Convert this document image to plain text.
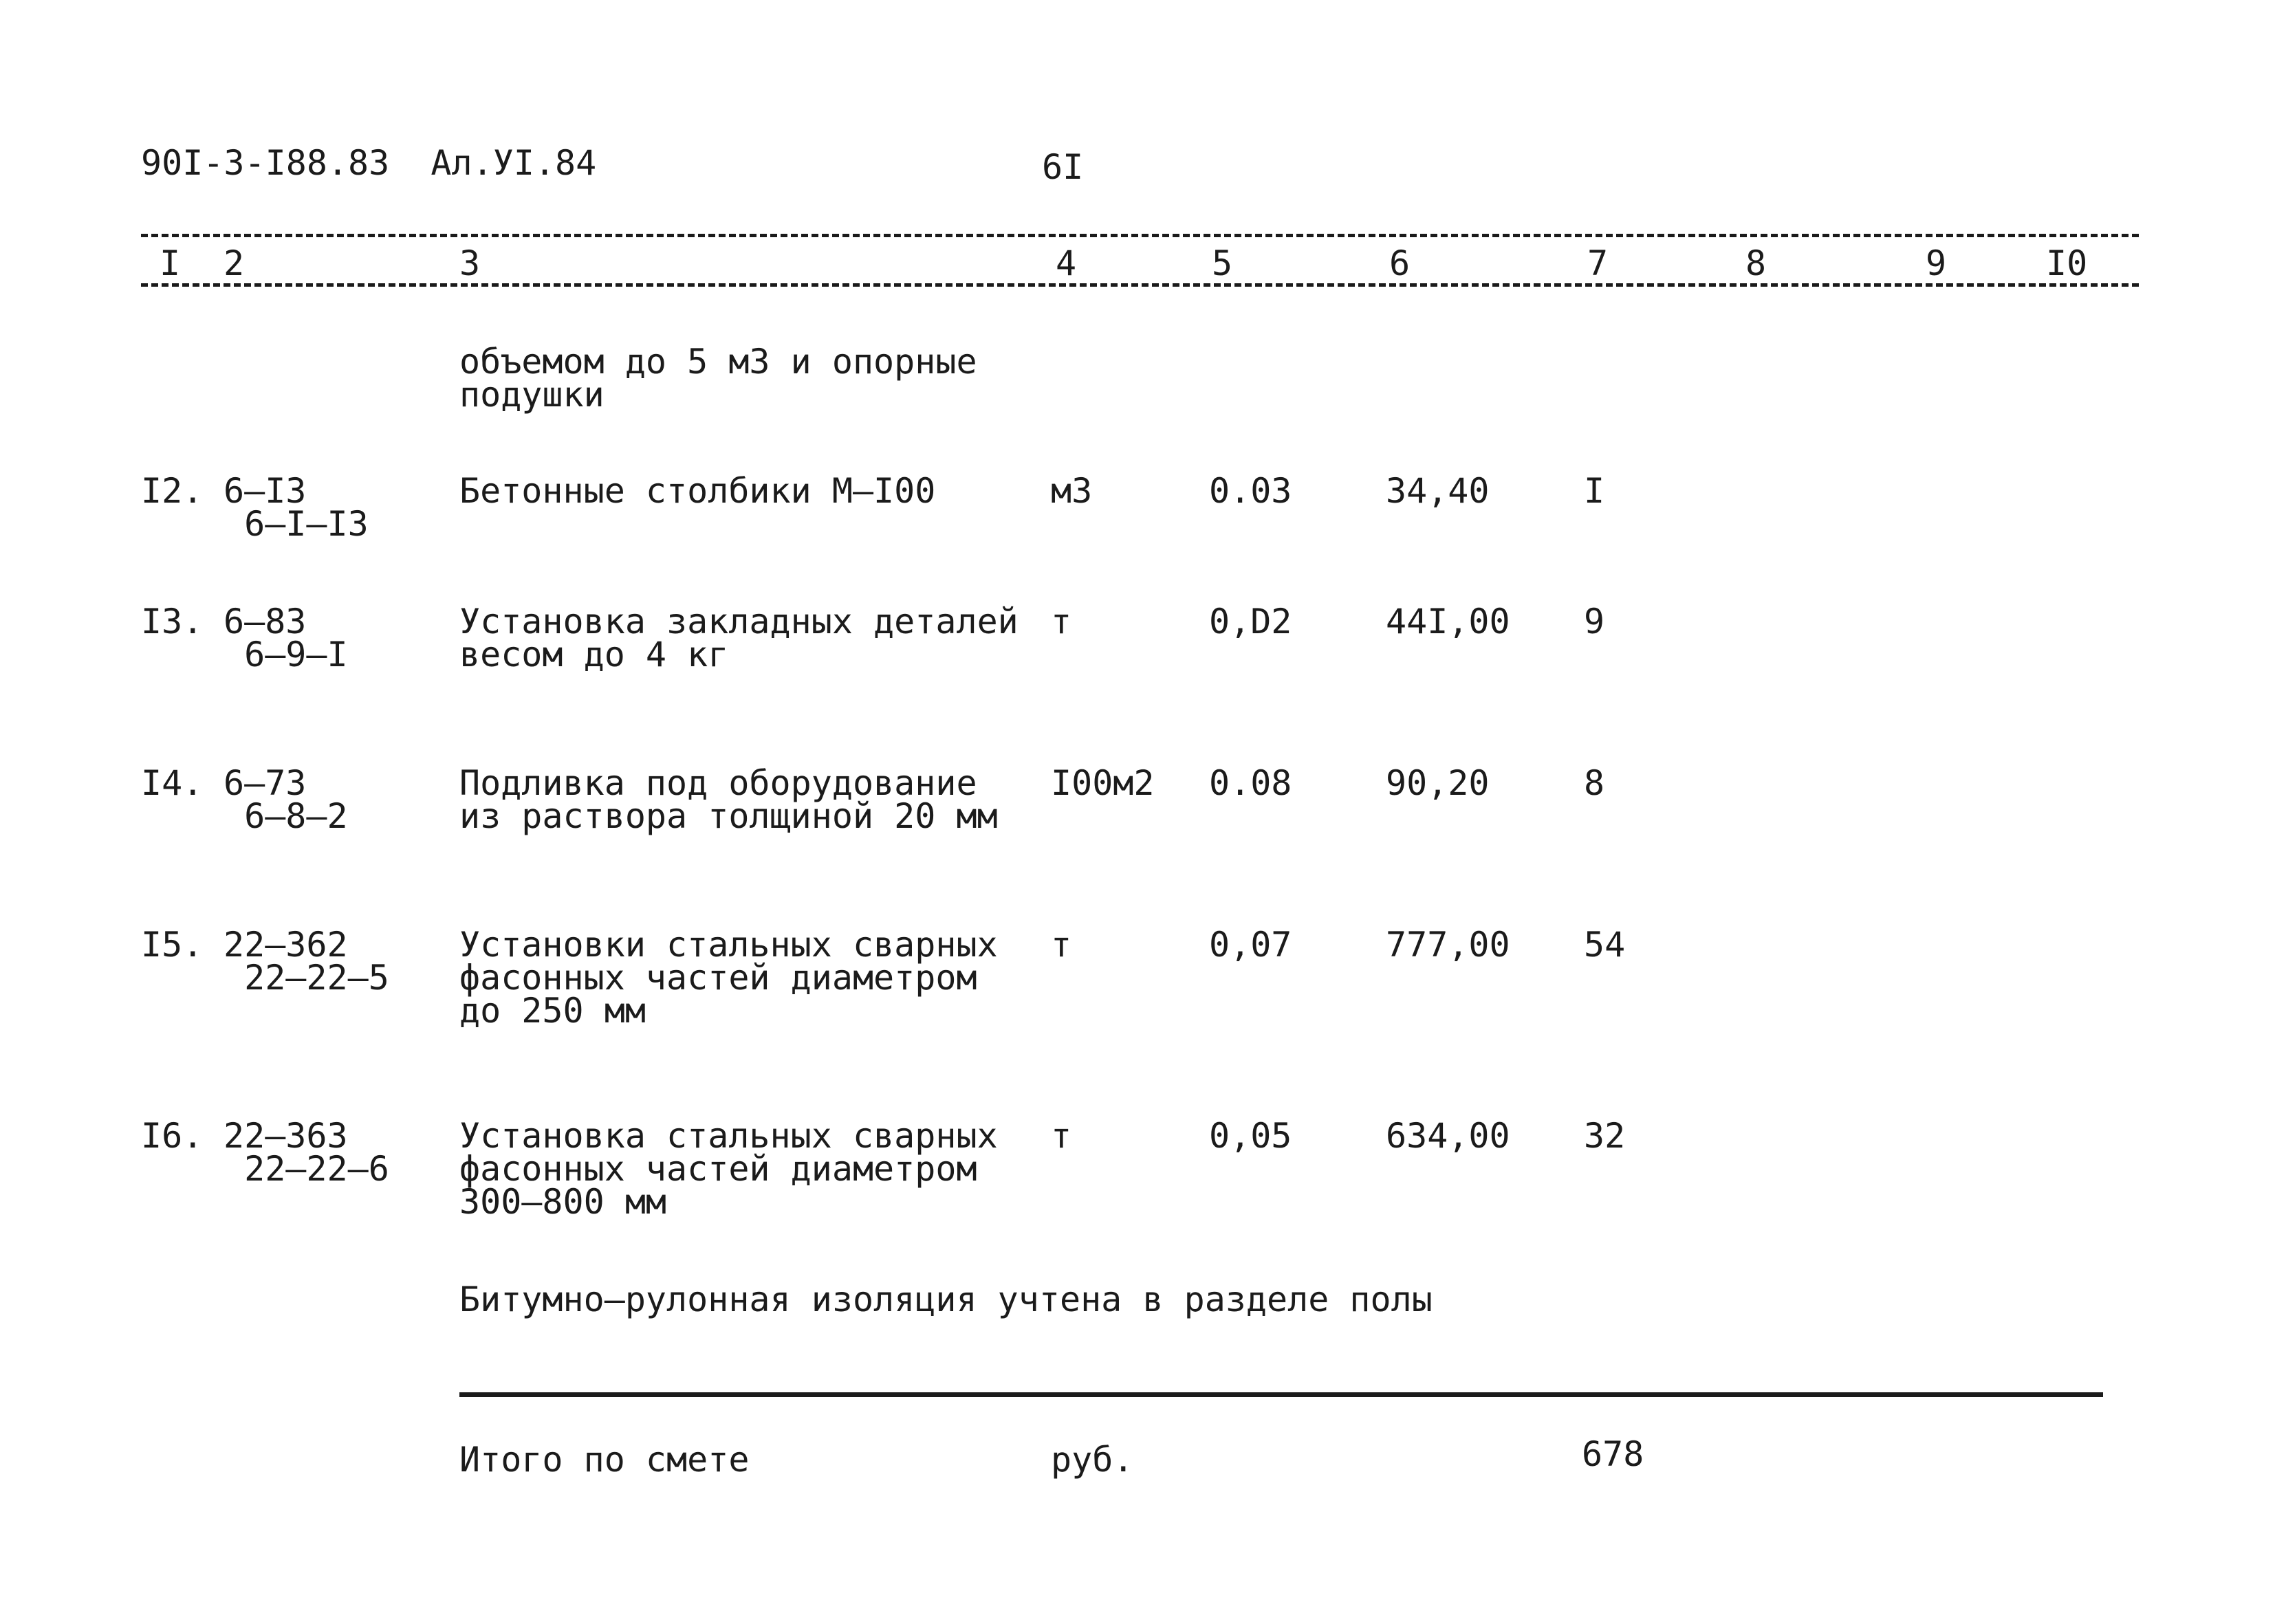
90I-3-I88.83  Ал.УI.84	6I
I 2	3	4	5	6	7	8	9	I0
объемом до 5 м3 и опорные
подушки
I2. 6–I3
6–I–I3
Бетонные столбики М–I00	м3	0.03	34,40	I
I3. 6–83
6–9–I
Установка закладных деталей
весом до 4 кг
т	0,D2	44I,00 9
I4. 6–73
6–8–2
Подливка под оборудование
из раствора толщиной 20 мм
I00м2 0.08	90,20	8
I5. 22–362
22–22–5
Установки стальных сварных
фасонных частей диаметром
до 250 мм
т	0,07	777,00 54
I6. 22–363
22–22–6
Установка стальных сварных
фасонных частей диаметром
300–800 мм
т	0,05	634,00 32
Битумно–рулонная изоляция учтена в разделе полы
Итого по смете	руб.	678
